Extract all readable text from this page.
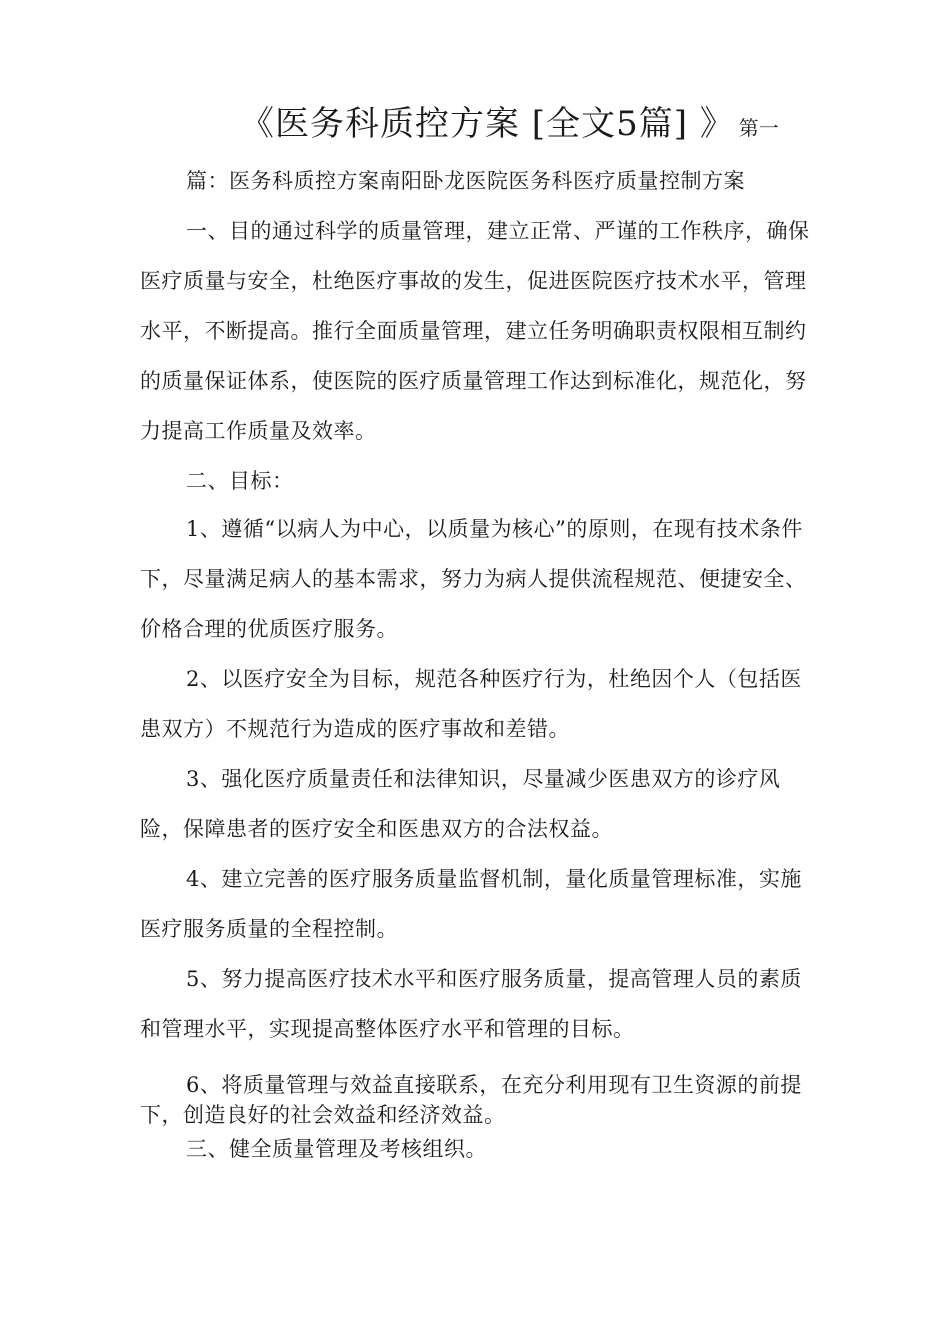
《医务科质控方案 [全文5篇] 》 第一
篇：医务科质控方案南阳卧龙医院医务科医疗质量控制方案
一、目的通过科学的质量管理，建立正常、严谨的工作秩序，确保医疗质量与安全，杜绝医疗事故的发生，促进医院医疗技术水平，管理水平，不断提高。推行全面质量管理，建立任务明确职责权限相互制约的质量保证体系，使医院的医疗质量管理工作达到标准化，规范化，努力提高工作质量及效率。
二、目标：
1、遵循“以病人为中心，以质量为核心”的原则，在现有技术条件下，尽量满足病人的基本需求，努力为病人提供流程规范、便捷安全、价格合理的优质医疗服务。
2、以医疗安全为目标，规范各种医疗行为，杜绝因个人（包括医患双方）不规范行为造成的医疗事故和差错。
3、强化医疗质量责任和法律知识，尽量减少医患双方的诊疗风险，保障患者的医疗安全和医患双方的合法权益。
4、建立完善的医疗服务质量监督机制，量化质量管理标准，实施医疗服务质量的全程控制。
5、努力提高医疗技术水平和医疗服务质量，提高管理人员的素质和管理水平，实现提高整体医疗水平和管理的目标。
6、将质量管理与效益直接联系，在充分利用现有卫生资源的前提下，创造良好的社会效益和经济效益。
三、健全质量管理及考核组织。
